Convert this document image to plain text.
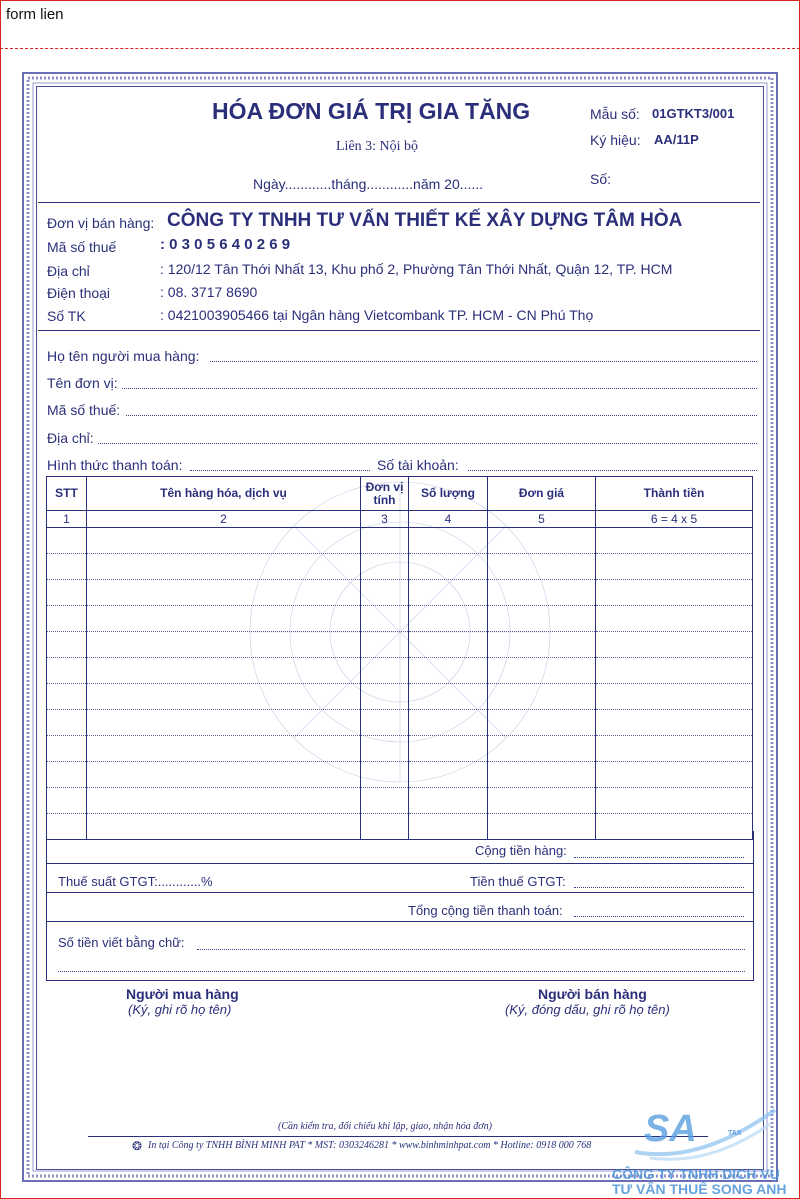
form lien
HÓA ĐƠN GIÁ TRỊ GIA TĂNG
Liên 3: Nội bộ
Ngày............tháng............năm 20......
Mẫu số: 01GTKT3/001
Ký hiệu: AA/11P
Số:
Đơn vị bán hàng: CÔNG TY TNHH TƯ VẤN THIẾT KẾ XÂY DỰNG TÂM HÒA
Mã số thuế	: 0 3 0 5 6 4 0 2 6 9
Địa chỉ	: 120/12 Tân Thới Nhất 13, Khu phố 2, Phường Tân Thới Nhất, Quận 12, TP. HCM
Điện thoại	: 08. 3717 8690
Số TK	: 0421003905466 tại Ngân hàng Vietcombank TP. HCM - CN Phú Thọ
Họ tên người mua hàng:
Tên đơn vị:
Mã số thuế:
Địa chỉ:
Hình thức thanh toán:	Số tài khoản:
STT	Tên hàng hóa, dịch vụ	Đơn vị tính	Số lượng	Đơn giá	Thành tiền
1	2	3	4	5	6 = 4 x 5

Cộng tiền hàng:
Thuế suất GTGT:............%	Tiền thuế GTGT:
Tổng cộng tiền thanh toán:
Số tiền viết bằng chữ:
Người mua hàng
(Ký, ghi rõ họ tên)
Người bán hàng
(Ký, đóng dấu, ghi rõ họ tên)
(Cần kiểm tra, đối chiếu khi lập, giao, nhận hóa đơn)
❂ In tại Công ty TNHH BÌNH MINH PAT * MST: 0303246281 * www.binhminhpat.com * Hotline: 0918 000 768 SA	TAX
CÔNG TY TNHH DỊCH VỤ
TƯ VẤN THUẾ SONG ANH
